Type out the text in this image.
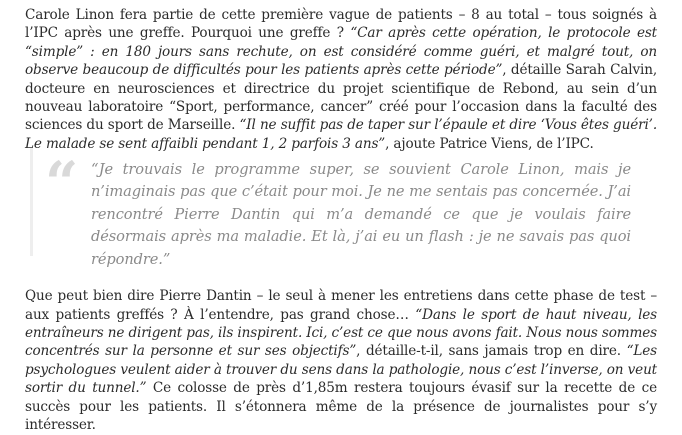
Carole Linon fera partie de cette première vague de patients – 8 au total – tous soignés à l’IPC après une greffe. Pourquoi une greffe ? “Car après cette opération, le protocole est “simple” : en 180 jours sans rechute, on est considéré comme guéri, et malgré tout, on observe beaucoup de difficultés pour les patients après cette période”, détaille Sarah Calvin, docteure en neurosciences et directrice du projet scientifique de Rebond, au sein d’un nouveau laboratoire “Sport, performance, cancer” créé pour l’occasion dans la faculté des sciences du sport de Marseille. “Il ne suffit pas de taper sur l’épaule et dire ‘Vous êtes guéri’. Le malade se sent affaibli pendant 1, 2 parfois 3 ans”, ajoute Patrice Viens, de l’IPC.

Que peut bien dire Pierre Dantin – le seul à mener les entretiens dans cette phase de test – aux patients greffés ? À l’entendre, pas grand chose… “Dans le sport de haut niveau, les entraîneurs ne dirigent pas, ils inspirent. Ici, c’est ce que nous avons fait. Nous nous sommes concentrés sur la personne et sur ses objectifs”, détaille-t-il, sans jamais trop en dire. “Les psychologues veulent aider à trouver du sens dans la pathologie, nous c’est l’inverse, on veut sortir du tunnel.” Ce colosse de près d’1,85m restera toujours évasif sur la recette de ce succès pour les patients. Il s’étonnera même de la présence de journalistes pour s’y intéresser.

“ “Je trouvais le programme super, se souvient Carole Linon, mais je n’imaginais pas que c’était pour moi. Je ne me sentais pas concernée. J’ai rencontré Pierre Dantin qui m’a demandé ce que je voulais faire désormais après ma maladie. Et là, j’ai eu un flash : je ne savais pas quoi répondre.”
